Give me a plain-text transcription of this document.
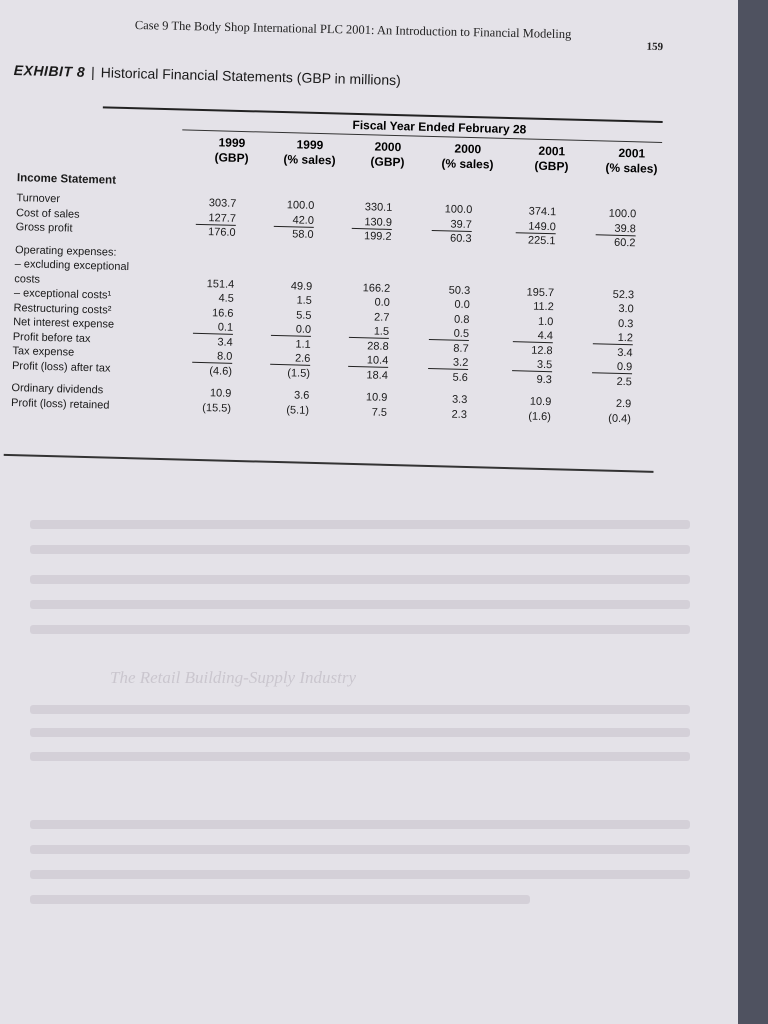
Case 9 The Body Shop International PLC 2001: An Introduction to Financial Modeling
159
EXHIBIT 8 | Historical Financial Statements (GBP in millions)
Fiscal Year Ended February 28
1999
(GBP)
1999
(% sales)
2000
(GBP)
2000
(% sales)
2001
(GBP)
2001
(% sales)
Income Statement
Turnover	303.7	100.0	330.1	100.0	374.1	100.0
Cost of sales	127.7	42.0	130.9	39.7	149.0	39.8
Gross profit	176.0	58.0	199.2	60.3	225.1	60.2
Operating expenses:
– excluding exceptional
costs	151.4	49.9	166.2	50.3	195.7	52.3
– exceptional costs¹	4.5	1.5	0.0	0.0	11.2	3.0
Restructuring costs²	16.6	5.5	2.7	0.8	1.0	0.3
Net interest expense	0.1	0.0	1.5	0.5	4.4	1.2
Profit before tax	3.4	1.1	28.8	8.7	12.8	3.4
Tax expense	8.0	2.6	10.4	3.2	3.5	0.9
Profit (loss) after tax	(4.6)	(1.5)	18.4	5.6	9.3	2.5
Ordinary dividends	10.9	3.6	10.9	3.3	10.9	2.9
Profit (loss) retained	(15.5)	(5.1)	7.5	2.3	(1.6)	(0.4)
The Retail Building-Supply Industry
